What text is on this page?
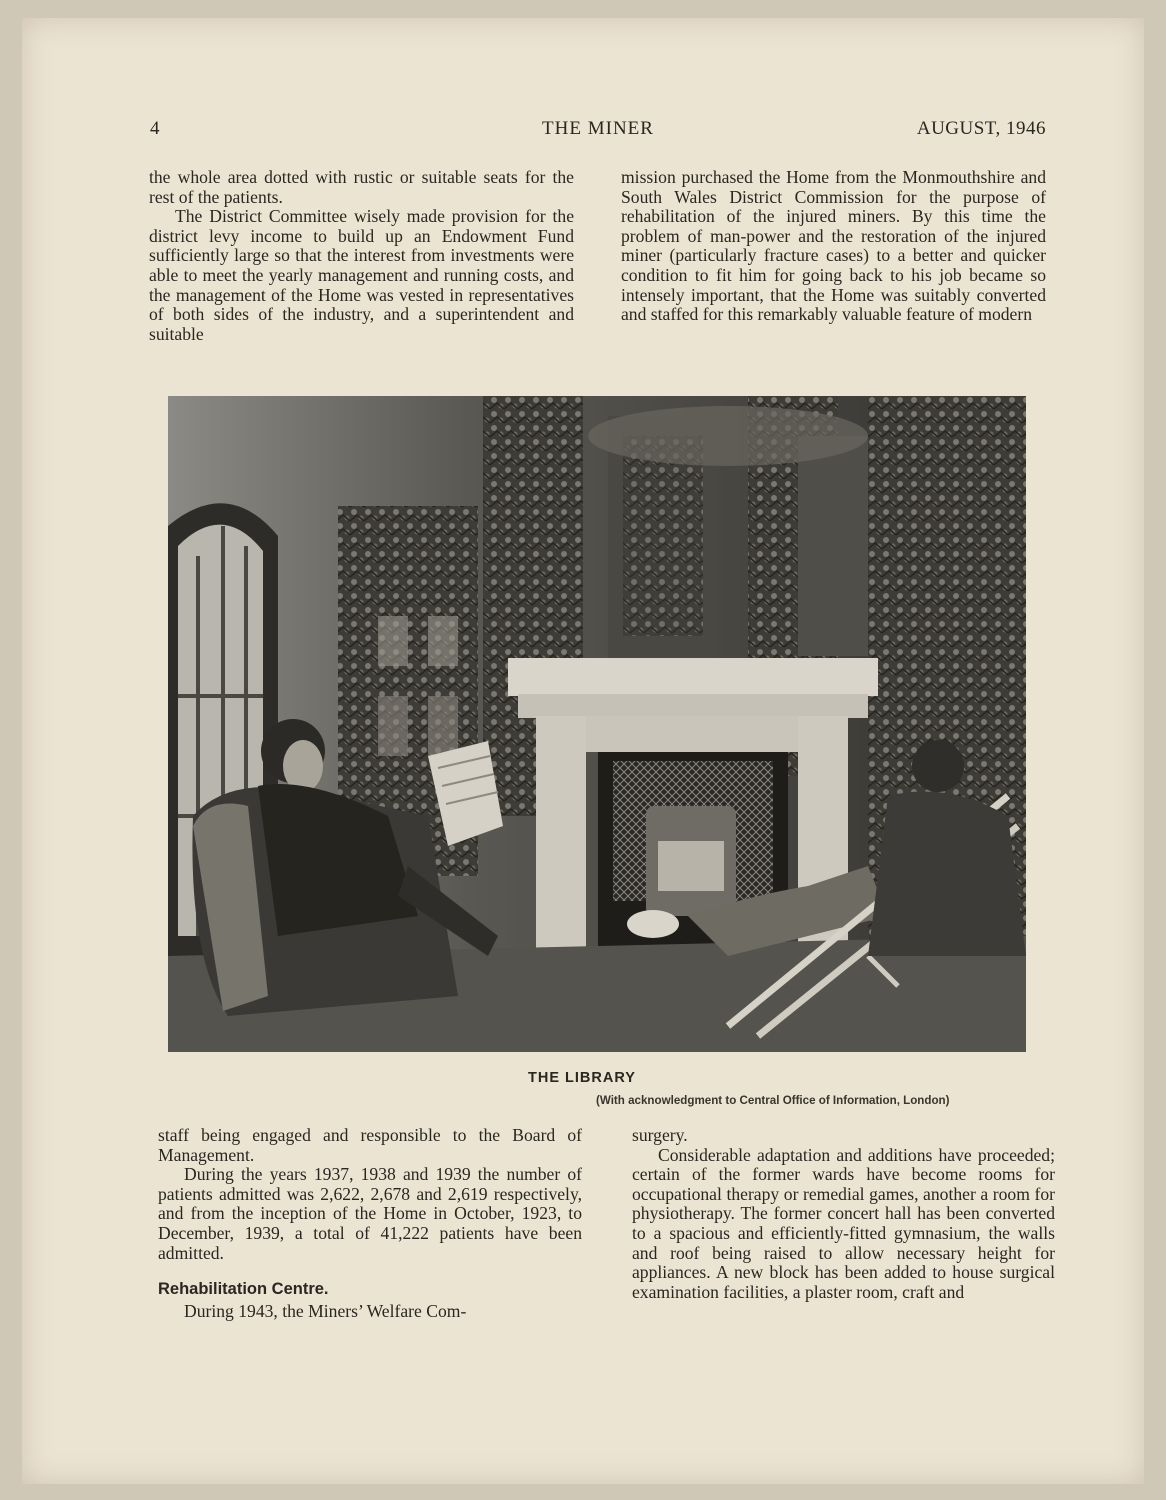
4	THE MINER	AUGUST, 1946

the whole area dotted with rustic or suitable seats for the rest of the patients.

The District Committee wisely made provision for the district levy income to build up an Endowment Fund sufficiently large so that the interest from investments were able to meet the yearly management and running costs, and the management of the Home was vested in representatives of both sides of the industry, and a superintendent and suitable

mission purchased the Home from the Monmouthshire and South Wales District Commission for the purpose of rehabilitation of the injured miners. By this time the problem of man-power and the restoration of the injured miner (particularly fracture cases) to a better and quicker condition to fit him for going back to his job became so intensely important, that the Home was suitably converted and staffed for this remarkably valuable feature of modern

THE LIBRARY
(With acknowledgment to Central Office of Information, London)

staff being engaged and responsible to the Board of Management.

During the years 1937, 1938 and 1939 the number of patients admitted was 2,622, 2,678 and 2,619 respectively, and from the inception of the Home in October, 1923, to December, 1939, a total of 41,222 patients have been admitted.

Rehabilitation Centre.

During 1943, the Miners’ Welfare Com-

surgery.

Considerable adaptation and additions have proceeded; certain of the former wards have become rooms for occupational therapy or remedial games, another a room for physiotherapy. The former concert hall has been converted to a spacious and efficiently-fitted gymnasium, the walls and roof being raised to allow necessary height for appliances. A new block has been added to house surgical examination facilities, a plaster room, craft and
